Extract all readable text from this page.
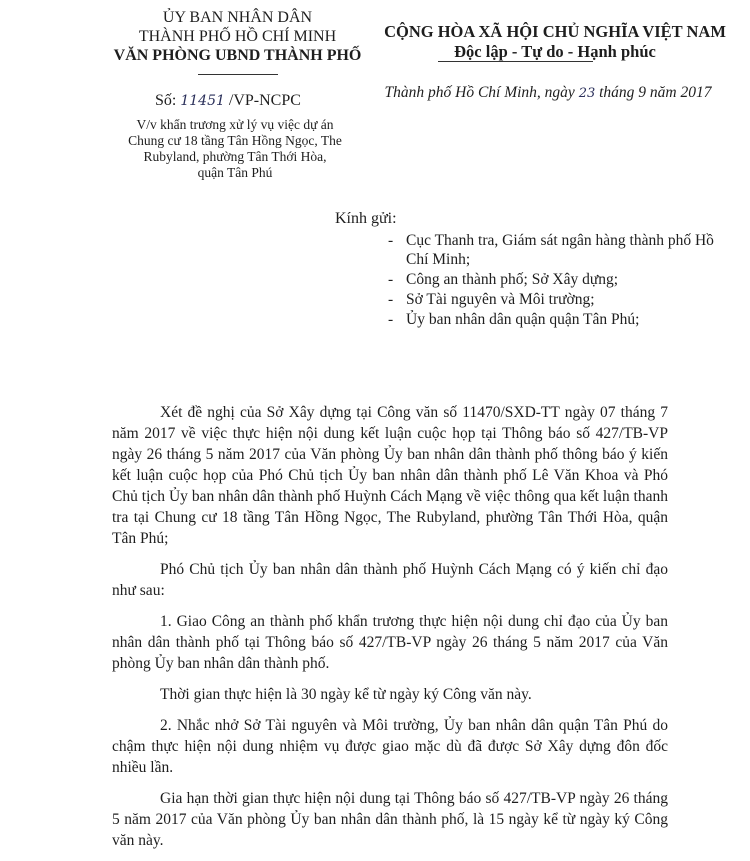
ỦY BAN NHÂN DÂN
THÀNH PHỐ HỒ CHÍ MINH
VĂN PHÒNG UBND THÀNH PHỐ
CỘNG HÒA XÃ HỘI CHỦ NGHĨA VIỆT NAM
Độc lập - Tự do - Hạnh phúc
Số: 11451 /VP-NCPC	Thành phố Hồ Chí Minh, ngày 23 tháng 9 năm 2017
V/v khẩn trương xử lý vụ việc dự án
Chung cư 18 tầng Tân Hồng Ngọc, The
Rubyland, phường Tân Thới Hòa,
quận Tân Phú
Kính gửi:
- Cục Thanh tra, Giám sát ngân hàng thành phố Hồ Chí Minh;
- Công an thành phố; Sở Xây dựng;
- Sở Tài nguyên và Môi trường;
- Ủy ban nhân dân quận quận Tân Phú;

Xét đề nghị của Sở Xây dựng tại Công văn số 11470/SXD-TT ngày 07 tháng 7 năm 2017 về việc thực hiện nội dung kết luận cuộc họp tại Thông báo số 427/TB-VP ngày 26 tháng 5 năm 2017 của Văn phòng Ủy ban nhân dân thành phố thông báo ý kiến kết luận cuộc họp của Phó Chủ tịch Ủy ban nhân dân thành phố Lê Văn Khoa và Phó Chủ tịch Ủy ban nhân dân thành phố Huỳnh Cách Mạng về việc thông qua kết luận thanh tra tại Chung cư 18 tầng Tân Hồng Ngọc, The Rubyland, phường Tân Thới Hòa, quận Tân Phú;

Phó Chủ tịch Ủy ban nhân dân thành phố Huỳnh Cách Mạng có ý kiến chỉ đạo như sau:

1. Giao Công an thành phố khẩn trương thực hiện nội dung chỉ đạo của Ủy ban nhân dân thành phố tại Thông báo số 427/TB-VP ngày 26 tháng 5 năm 2017 của Văn phòng Ủy ban nhân dân thành phố.

Thời gian thực hiện là 30 ngày kể từ ngày ký Công văn này.

2. Nhắc nhở Sở Tài nguyên và Môi trường, Ủy ban nhân dân quận Tân Phú do chậm thực hiện nội dung nhiệm vụ được giao mặc dù đã được Sở Xây dựng đôn đốc nhiều lần.

Gia hạn thời gian thực hiện nội dung tại Thông báo số 427/TB-VP ngày 26 tháng 5 năm 2017 của Văn phòng Ủy ban nhân dân thành phố, là 15 ngày kể từ ngày ký Công văn này.
